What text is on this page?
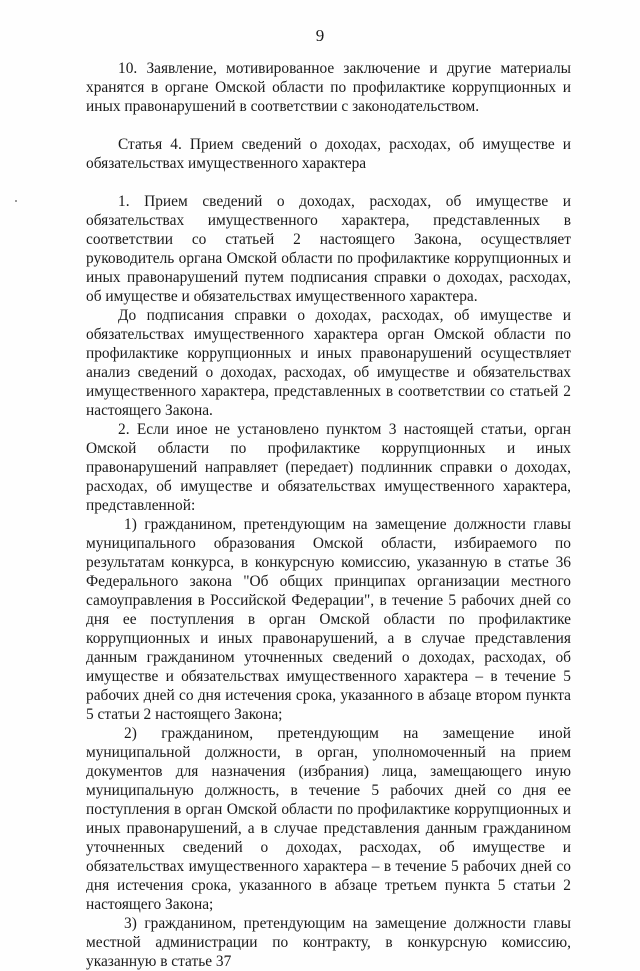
9

10. Заявление, мотивированное заключение и другие материалы хранятся в органе Омской области по профилактике коррупционных и иных правонарушений в соответствии с законодательством.

Статья 4. Прием сведений о доходах, расходах, об имуществе и обязательствах имущественного характера

1. Прием сведений о доходах, расходах, об имуществе и обязательствах имущественного характера, представленных в соответствии со статьей 2 настоящего Закона, осуществляет руководитель органа Омской области по профилактике коррупционных и иных правонарушений путем подписания справки о доходах, расходах, об имуществе и обязательствах имущественного характера.

До подписания справки о доходах, расходах, об имуществе и обязательствах имущественного характера орган Омской области по профилактике коррупционных и иных правонарушений осуществляет анализ сведений о доходах, расходах, об имуществе и обязательствах имущественного характера, представленных в соответствии со статьей 2 настоящего Закона.

2. Если иное не установлено пунктом 3 настоящей статьи, орган Омской области по профилактике коррупционных и иных правонарушений направляет (передает) подлинник справки о доходах, расходах, об имуществе и обязательствах имущественного характера, представленной:

1) гражданином, претендующим на замещение должности главы муниципального образования Омской области, избираемого по результатам конкурса, в конкурсную комиссию, указанную в статье 36 Федерального закона "Об общих принципах организации местного самоуправления в Российской Федерации", в течение 5 рабочих дней со дня ее поступления в орган Омской области по профилактике коррупционных и иных правонарушений, а в случае представления данным гражданином уточненных сведений о доходах, расходах, об имуществе и обязательствах имущественного характера – в течение 5 рабочих дней со дня истечения срока, указанного в абзаце втором пункта 5 статьи 2 настоящего Закона;

2) гражданином, претендующим на замещение иной муниципальной должности, в орган, уполномоченный на прием документов для назначения (избрания) лица, замещающего иную муниципальную должность, в течение 5 рабочих дней со дня ее поступления в орган Омской области по профилактике коррупционных и иных правонарушений, а в случае представления данным гражданином уточненных сведений о доходах, расходах, об имуществе и обязательствах имущественного характера – в течение 5 рабочих дней со дня истечения срока, указанного в абзаце третьем пункта 5 статьи 2 настоящего Закона;

3) гражданином, претендующим на замещение должности главы местной администрации по контракту, в конкурсную комиссию, указанную в статье 37
